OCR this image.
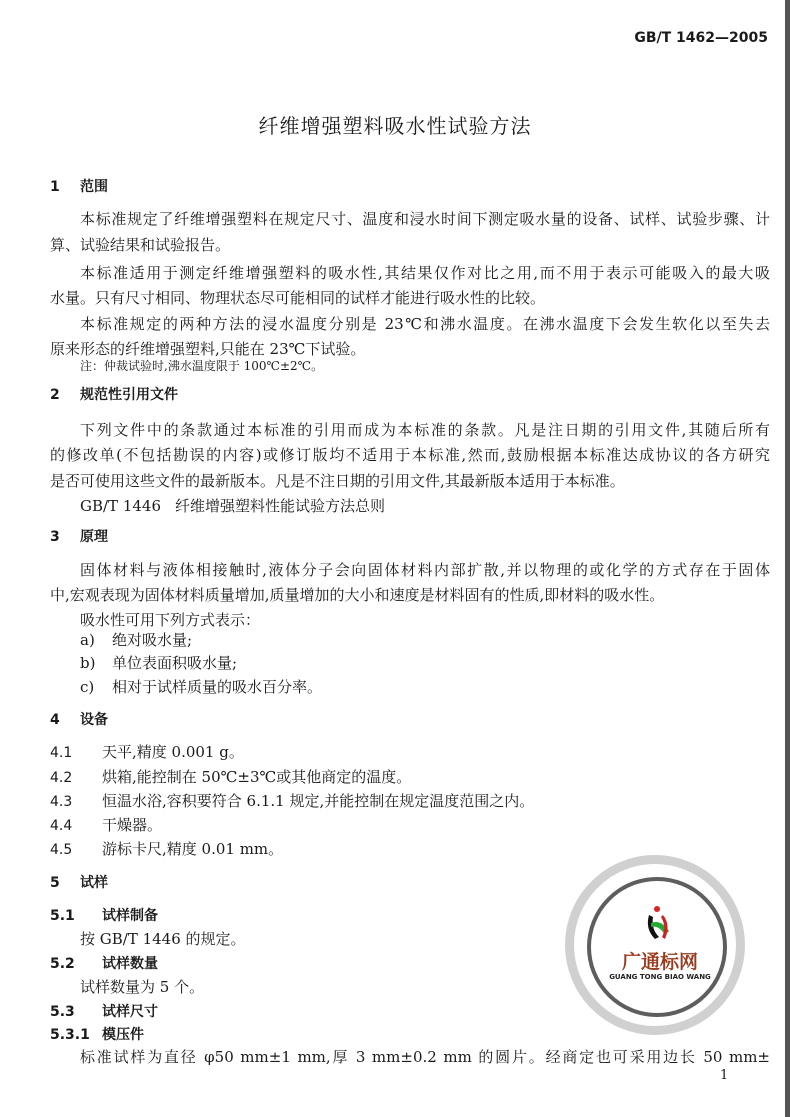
GB/T 1462—2005
纤维增强塑料吸水性试验方法
1 范围
本标准规定了纤维增强塑料在规定尺寸、温度和浸水时间下测定吸水量的设备、试样、试验步骤、计
算、试验结果和试验报告。
本标准适用于测定纤维增强塑料的吸水性,其结果仅作对比之用,而不用于表示可能吸入的最大吸
水量。只有尺寸相同、物理状态尽可能相同的试样才能进行吸水性的比较。
本标准规定的两种方法的浸水温度分别是 23℃和沸水温度。在沸水温度下会发生软化以至失去
原来形态的纤维增强塑料,只能在 23℃下试验。
注：仲裁试验时,沸水温度限于 100℃±2℃。
2 规范性引用文件
下列文件中的条款通过本标准的引用而成为本标准的条款。凡是注日期的引用文件,其随后所有
的修改单(不包括勘误的内容)或修订版均不适用于本标准,然而,鼓励根据本标准达成协议的各方研究
是否可使用这些文件的最新版本。凡是不注日期的引用文件,其最新版本适用于本标准。
GB/T 1446 纤维增强塑料性能试验方法总则
3 原理
固体材料与液体相接触时,液体分子会向固体材料内部扩散,并以物理的或化学的方式存在于固体
中,宏观表现为固体材料质量增加,质量增加的大小和速度是材料固有的性质,即材料的吸水性。
吸水性可用下列方式表示：
a) 绝对吸水量;
b) 单位表面积吸水量;
c) 相对于试样质量的吸水百分率。
4 设备
4.1 天平,精度 0.001 g。
4.2 烘箱,能控制在 50℃±3℃或其他商定的温度。
4.3 恒温水浴,容积要符合 6.1.1 规定,并能控制在规定温度范围之内。
4.4 干燥器。
4.5 游标卡尺,精度 0.01 mm。
5 试样
5.1 试样制备
按 GB/T 1446 的规定。
5.2 试样数量
试样数量为 5 个。
5.3 试样尺寸
5.3.1 模压件
标准试样为直径 φ50 mm±1 mm,厚 3 mm±0.2 mm 的圆片。经商定也可采用边长 50 mm±
1
广通标网
GUANG TONG BIAO WANG
